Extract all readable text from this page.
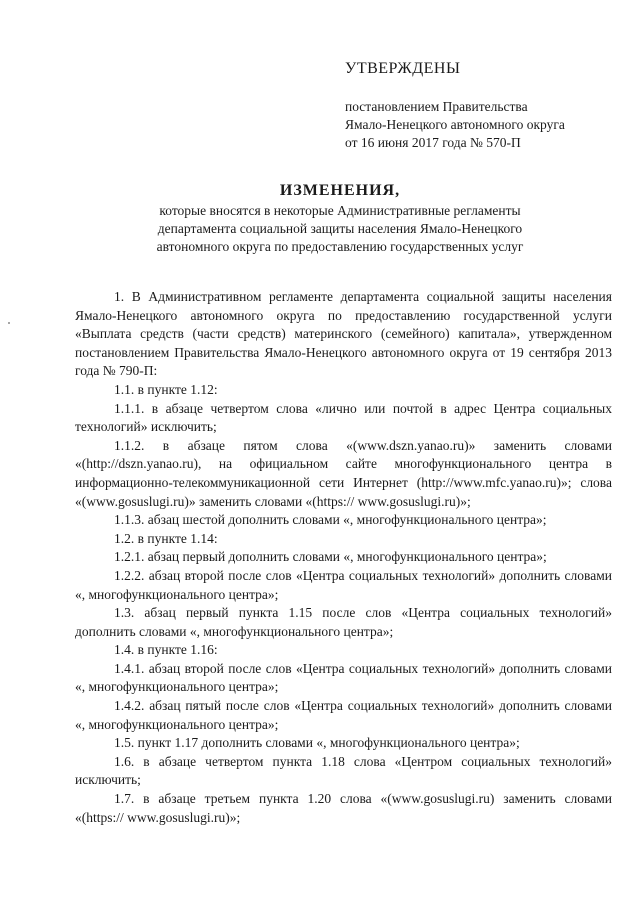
УТВЕРЖДЕНЫ

постановлением Правительства

Ямало-Ненецкого автономного округа

от 16 июня 2017 года № 570-П

ИЗМЕНЕНИЯ,

которые вносятся в некоторые Административные регламенты

департамента социальной защиты населения Ямало-Ненецкого

автономного округа по предоставлению государственных услуг

1. В Административном регламенте департамента социальной защиты населения Ямало-Ненецкого автономного округа по предоставлению государственной услуги «Выплата средств (части средств) материнского (семейного) капитала», утвержденном постановлением Правительства Ямало-Ненецкого автономного округа от 19 сентября 2013 года № 790-П:

1.1. в пункте 1.12:

1.1.1. в абзаце четвертом слова «лично или почтой в адрес Центра социальных технологий» исключить;

1.1.2. в абзаце пятом слова «(www.dszn.yanao.ru)» заменить словами «(http://dszn.yanao.ru), на официальном сайте многофункционального центра в информационно-телекоммуникационной сети Интернет (http://www.mfc.yanao.ru)»; слова «(www.gosuslugi.ru)» заменить словами «(https:// www.gosuslugi.ru)»;

1.1.3. абзац шестой дополнить словами «, многофункционального центра»;

1.2. в пункте 1.14:

1.2.1. абзац первый дополнить словами «, многофункционального центра»;

1.2.2. абзац второй после слов «Центра социальных технологий» дополнить словами «, многофункционального центра»;

1.3. абзац первый пункта 1.15 после слов «Центра социальных технологий» дополнить словами «, многофункционального центра»;

1.4. в пункте 1.16:

1.4.1. абзац второй после слов «Центра социальных технологий» дополнить словами «, многофункционального центра»;

1.4.2. абзац пятый после слов «Центра социальных технологий» дополнить словами «, многофункционального центра»;

1.5. пункт 1.17 дополнить словами «, многофункционального центра»;

1.6. в абзаце четвертом пункта 1.18 слова «Центром социальных технологий» исключить;

1.7. в абзаце третьем пункта 1.20 слова «(www.gosuslugi.ru) заменить словами «(https:// www.gosuslugi.ru)»;
